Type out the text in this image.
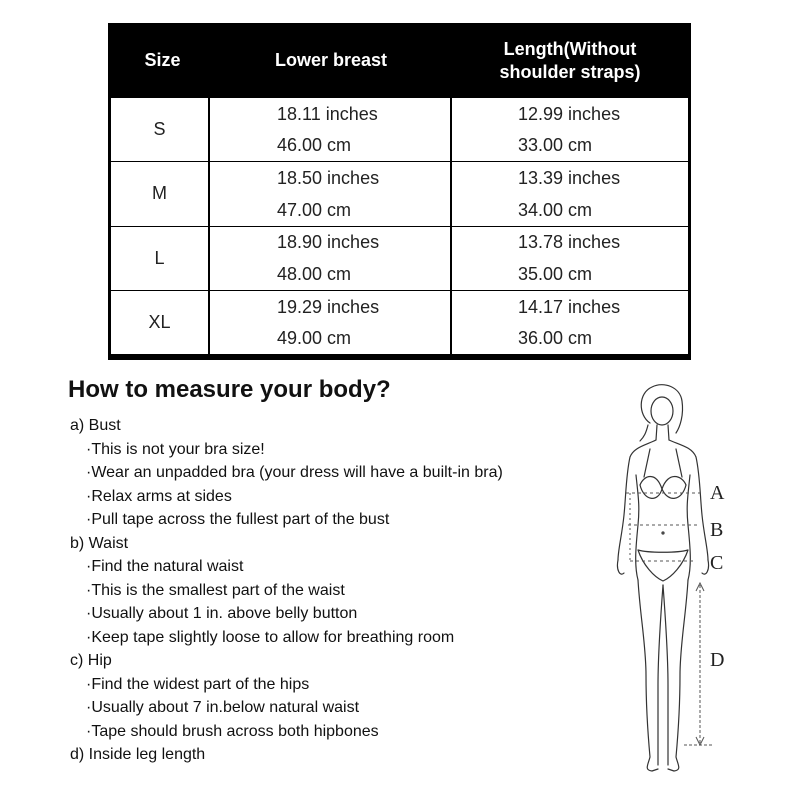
Size	Lower breast
Length(Without
shoulder straps)
S
18.11 inches
46.00 cm
12.99 inches
33.00 cm
M
18.50 inches
47.00 cm
13.39 inches
34.00 cm
L
18.90 inches
48.00 cm
13.78 inches
35.00 cm
XL
19.29 inches
49.00 cm
14.17 inches
36.00 cm
How to measure your body?
a) Bust
·This is not your bra size!
·Wear an unpadded bra (your dress will have a built-in bra)
·Relax arms at sides
·Pull tape across the fullest part of the bust
b) Waist
·Find the natural waist
·This is the smallest part of the waist
·Usually about 1 in. above belly button
·Keep tape slightly loose to allow for breathing room
c) Hip
·Find the widest part of the hips
·Usually about 7 in.below natural waist
·Tape should brush across both hipbones
d) Inside leg length
A
B
C
D
